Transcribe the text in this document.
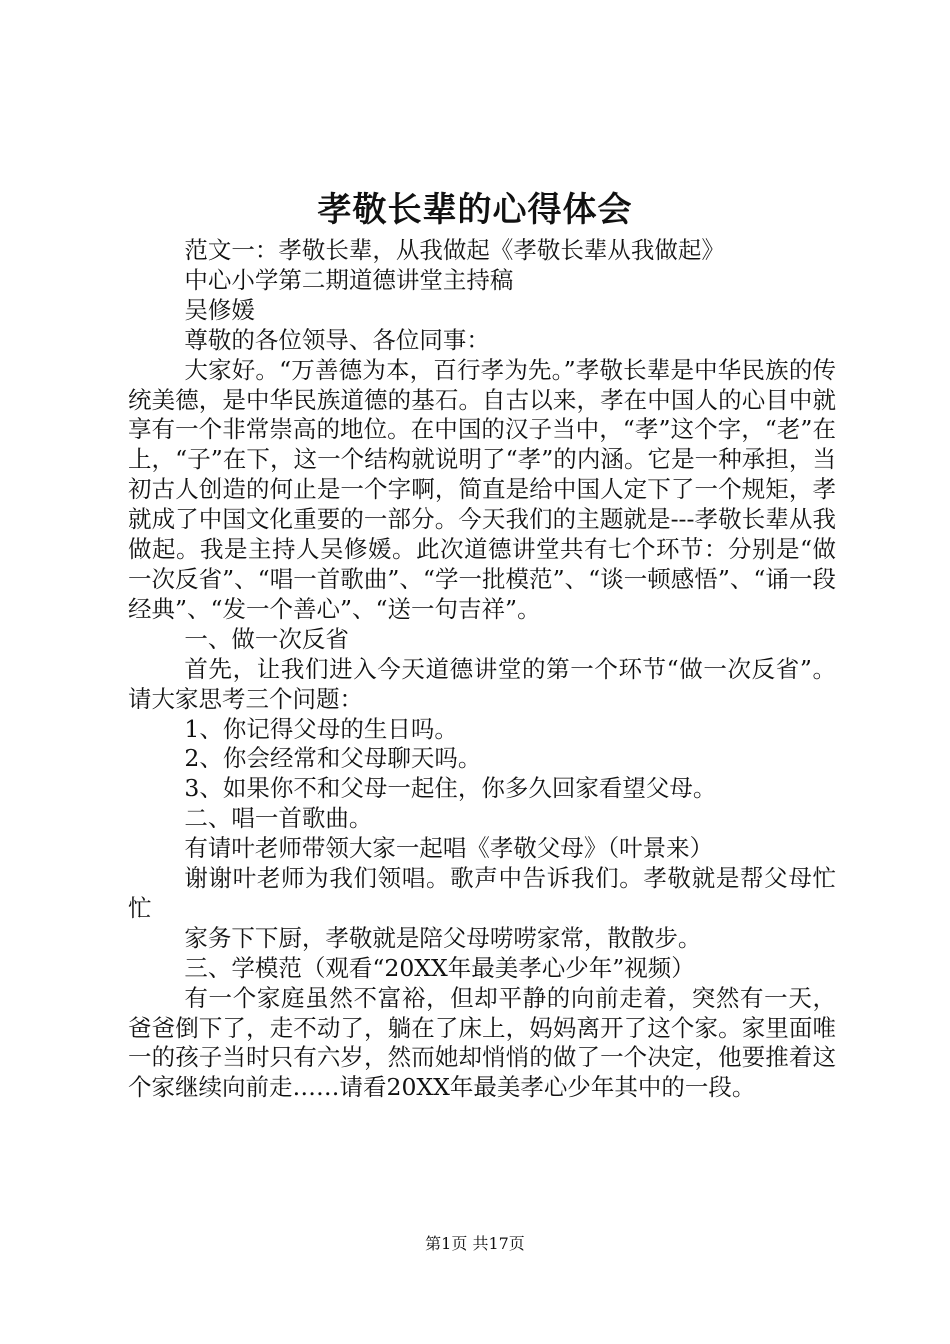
孝敬长辈的心得体会

范文一：孝敬长辈，从我做起《孝敬长辈从我做起》

中心小学第二期道德讲堂主持稿

吴修媛

尊敬的各位领导、各位同事：

大家好。“万善德为本，百行孝为先。”孝敬长辈是中华民族的传统美德，是中华民族道德的基石。自古以来，孝在中国人的心目中就享有一个非常崇高的地位。在中国的汉子当中，“孝”这个字，“老”在上，“子”在下，这一个结构就说明了“孝”的内涵。它是一种承担，当初古人创造的何止是一个字啊，简直是给中国人定下了一个规矩，孝就成了中国文化重要的一部分。今天我们的主题就是---孝敬长辈从我做起。我是主持人吴修媛。此次道德讲堂共有七个环节：分别是“做一次反省”、“唱一首歌曲”、“学一批模范”、“谈一顿感悟”、“诵一段经典”、“发一个善心”、“送一句吉祥”。

一、做一次反省

首先，让我们进入今天道德讲堂的第一个环节“做一次反省”。请大家思考三个问题：

1、你记得父母的生日吗。

2、你会经常和父母聊天吗。

3、如果你不和父母一起住，你多久回家看望父母。

二、唱一首歌曲。

有请叶老师带领大家一起唱《孝敬父母》（叶景来）

谢谢叶老师为我们领唱。歌声中告诉我们。孝敬就是帮父母忙忙

家务下下厨，孝敬就是陪父母唠唠家常，散散步。

三、学模范（观看“20XX年最美孝心少年”视频）

有一个家庭虽然不富裕，但却平静的向前走着，突然有一天，爸爸倒下了，走不动了，躺在了床上，妈妈离开了这个家。家里面唯一的孩子当时只有六岁，然而她却悄悄的做了一个决定，他要推着这个家继续向前走……请看20XX年最美孝心少年其中的一段。

第1页 共17页
